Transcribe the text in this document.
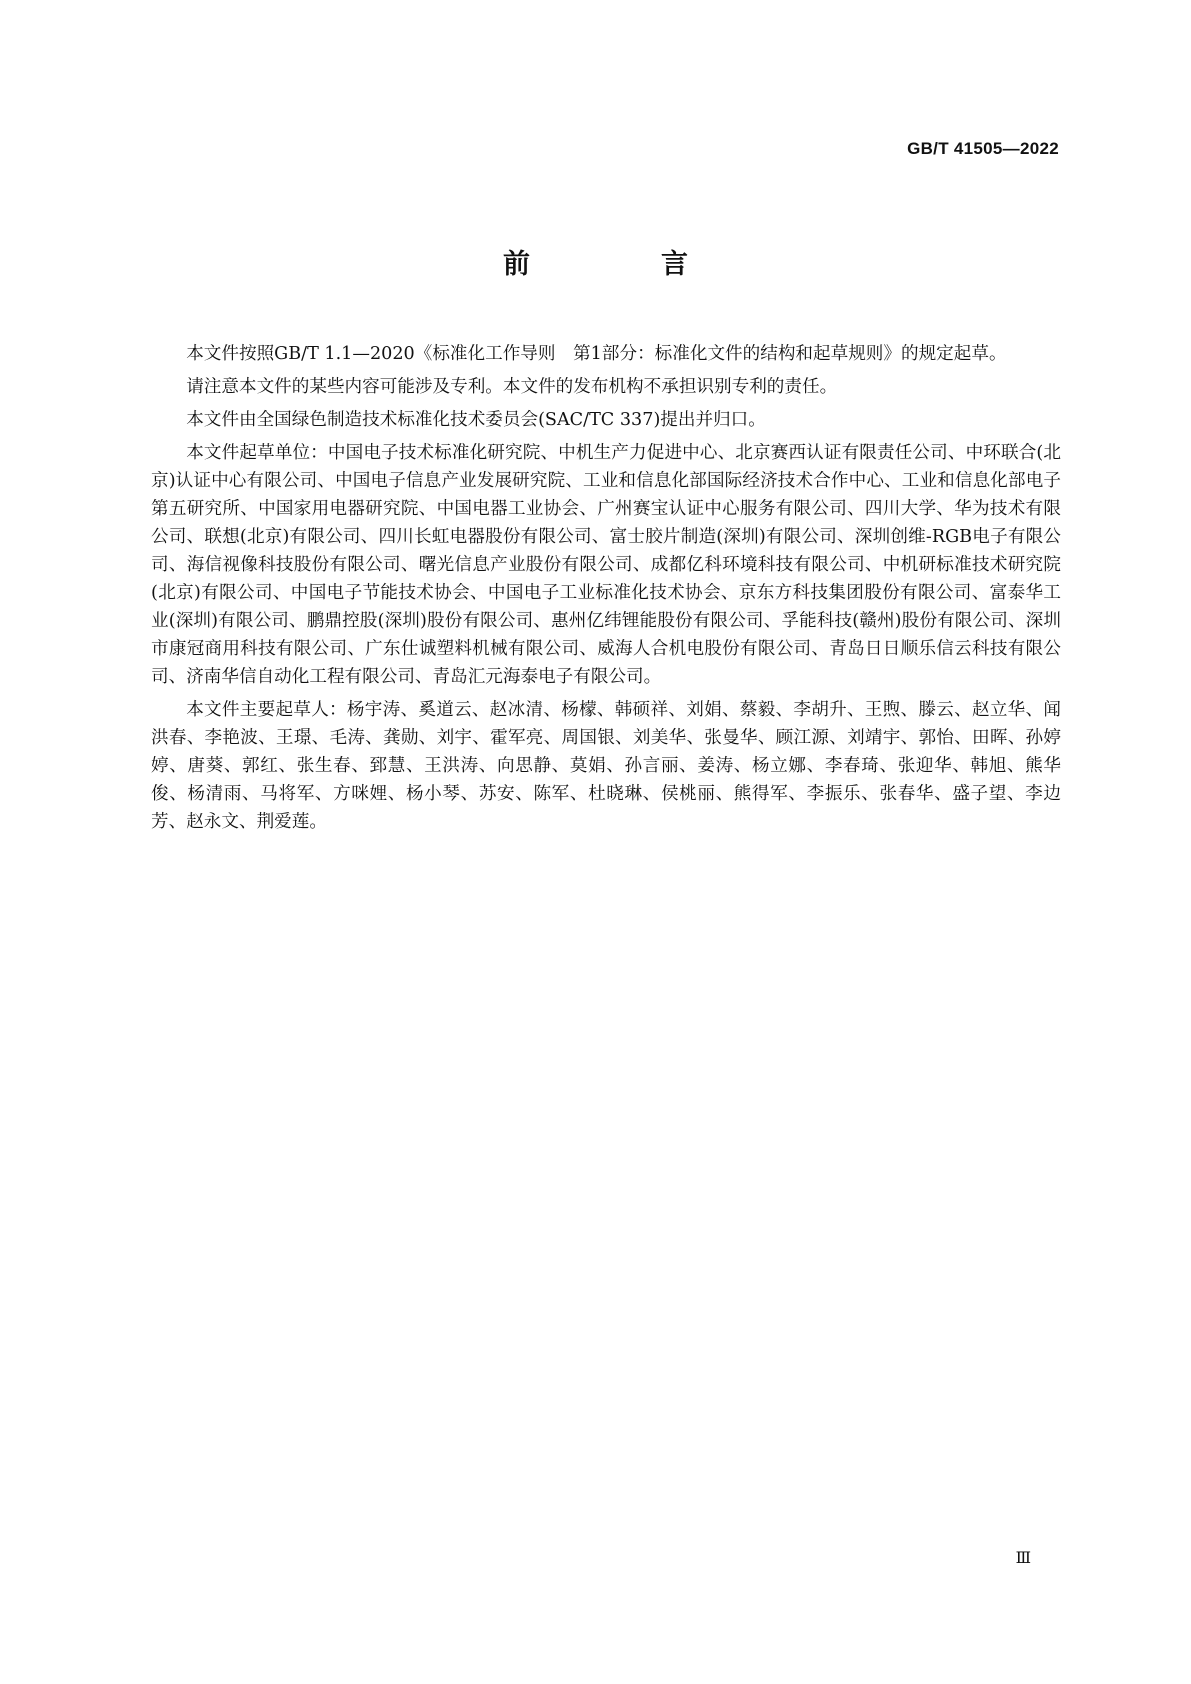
GB/T 41505—2022
前　言

本文件按照GB/T 1.1—2020《标准化工作导则　第1部分：标准化文件的结构和起草规则》的规定起草。

请注意本文件的某些内容可能涉及专利。本文件的发布机构不承担识别专利的责任。

本文件由全国绿色制造技术标准化技术委员会(SAC/TC 337)提出并归口。

本文件起草单位：中国电子技术标准化研究院、中机生产力促进中心、北京赛西认证有限责任公司、中环联合(北京)认证中心有限公司、中国电子信息产业发展研究院、工业和信息化部国际经济技术合作中心、工业和信息化部电子第五研究所、中国家用电器研究院、中国电器工业协会、广州赛宝认证中心服务有限公司、四川大学、华为技术有限公司、联想(北京)有限公司、四川长虹电器股份有限公司、富士胶片制造(深圳)有限公司、深圳创维-RGB电子有限公司、海信视像科技股份有限公司、曙光信息产业股份有限公司、成都亿科环境科技有限公司、中机研标准技术研究院(北京)有限公司、中国电子节能技术协会、中国电子工业标准化技术协会、京东方科技集团股份有限公司、富泰华工业(深圳)有限公司、鹏鼎控股(深圳)股份有限公司、惠州亿纬锂能股份有限公司、孚能科技(赣州)股份有限公司、深圳市康冠商用科技有限公司、广东仕诚塑料机械有限公司、威海人合机电股份有限公司、青岛日日顺乐信云科技有限公司、济南华信自动化工程有限公司、青岛汇元海泰电子有限公司。

本文件主要起草人：杨宇涛、奚道云、赵冰清、杨檬、韩硕祥、刘娟、蔡毅、李胡升、王煦、滕云、赵立华、闻洪春、李艳波、王璟、毛涛、龚勋、刘宇、霍军亮、周国银、刘美华、张曼华、顾江源、刘靖宇、郭怡、田晖、孙婷婷、唐葵、郭红、张生春、郅慧、王洪涛、向思静、莫娟、孙言丽、姜涛、杨立娜、李春琦、张迎华、韩旭、熊华俊、杨清雨、马将军、方咪娌、杨小琴、苏安、陈军、杜晓琳、侯桃丽、熊得军、李振乐、张春华、盛子望、李边芳、赵永文、荆爱莲。

Ⅲ
